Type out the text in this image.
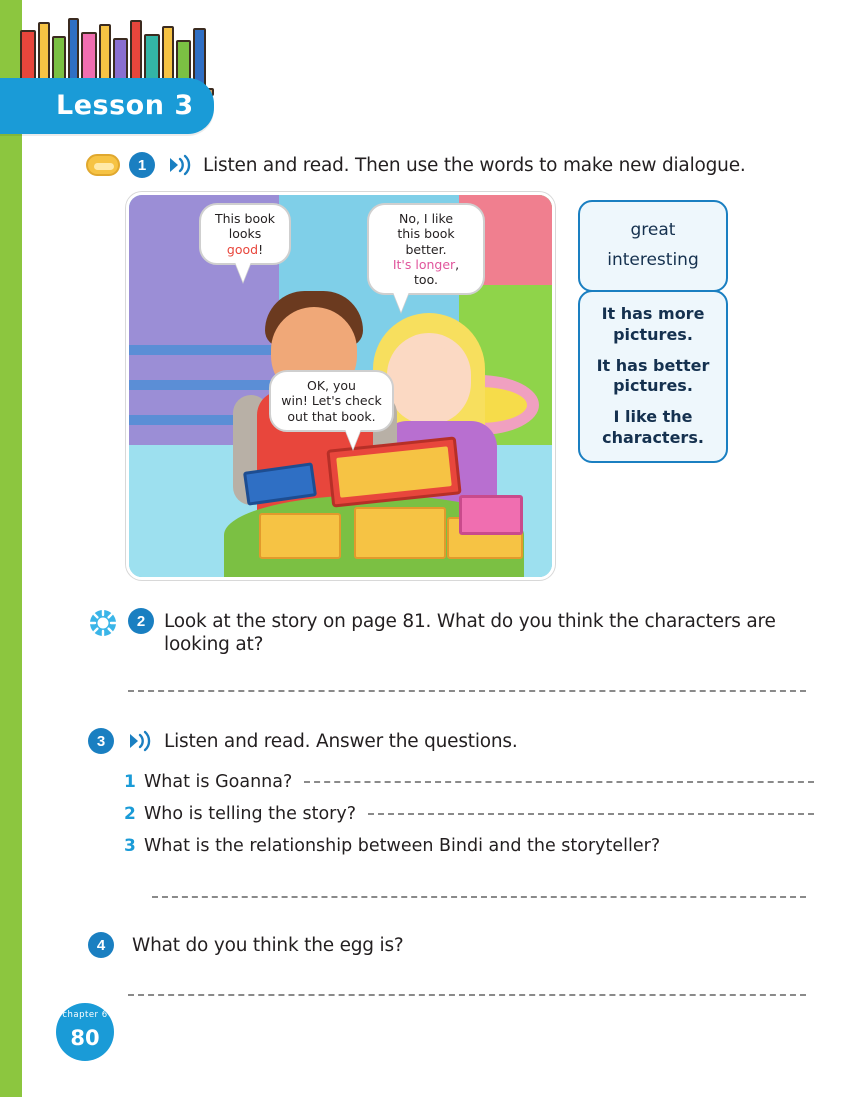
Lesson 3
1	Listen and read. Then use the words to make new dialogue.
This book
looks good!
No, I like
this book better.
It's longer, too.
OK, you
win! Let's check
out that book.
great
interesting
It has more pictures.
It has better pictures.
I like the characters.
2	Look at the story on page 81. What do you think the characters are looking at?
3	Listen and read. Answer the questions.
1 What is Goanna?
2 Who is telling the story?
3 What is the relationship between Bindi and the storyteller?
4	What do you think the egg is?
chapter 6
80
